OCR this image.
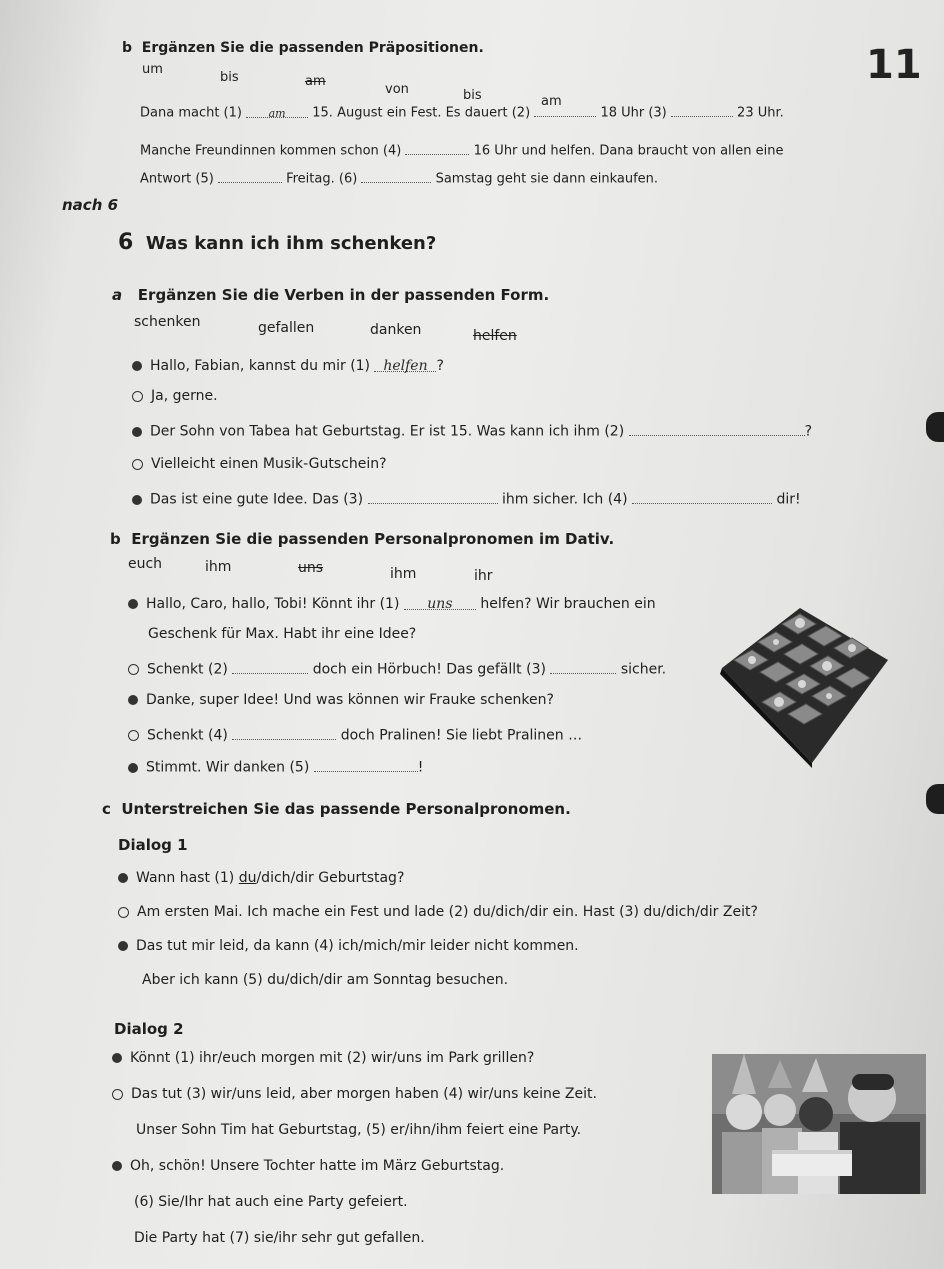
11
b Ergänzen Sie die passenden Präpositionen.
um
bis	am
von	bis	am
Dana macht (1) am 15. August ein Fest. Es dauert (2)	18 Uhr (3)	23 Uhr.
Manche Freundinnen kommen schon (4)	16 Uhr und helfen. Dana braucht von allen eine
Antwort (5)	Freitag. (6)	Samstag geht sie dann einkaufen.
nach 6
6 Was kann ich ihm schenken?
a Ergänzen Sie die Verben in der passenden Form.
schenken	gefallen	danken	helfen
Hallo, Fabian, kannst du mir (1) helfen ?
Ja, gerne.
Der Sohn von Tabea hat Geburtstag. Er ist 15. Was kann ich ihm (2)	?
Vielleicht einen Musik-Gutschein?
Das ist eine gute Idee. Das (3)	ihm sicher. Ich (4)	dir!
b Ergänzen Sie die passenden Personalpronomen im Dativ.
euch	ihm	uns	ihm	ihr
Hallo, Caro, hallo, Tobi! Könnt ihr (1) uns helfen? Wir brauchen ein
Geschenk für Max. Habt ihr eine Idee?
Schenkt (2)	doch ein Hörbuch! Das gefällt (3)	sicher.
Danke, super Idee! Und was können wir Frauke schenken?
Schenkt (4)	doch Pralinen! Sie liebt Pralinen …
Stimmt. Wir danken (5)	!
c Unterstreichen Sie das passende Personalpronomen.
Dialog 1
Wann hast (1) du/dich/dir Geburtstag?
Am ersten Mai. Ich mache ein Fest und lade (2) du/dich/dir ein. Hast (3) du/dich/dir Zeit?
Das tut mir leid, da kann (4) ich/mich/mir leider nicht kommen.
Aber ich kann (5) du/dich/dir am Sonntag besuchen.
Dialog 2
Könnt (1) ihr/euch morgen mit (2) wir/uns im Park grillen?
Das tut (3) wir/uns leid, aber morgen haben (4) wir/uns keine Zeit.
Unser Sohn Tim hat Geburtstag, (5) er/ihn/ihm feiert eine Party.
Oh, schön! Unsere Tochter hatte im März Geburtstag.
(6) Sie/Ihr hat auch eine Party gefeiert.
Die Party hat (7) sie/ihr sehr gut gefallen.
